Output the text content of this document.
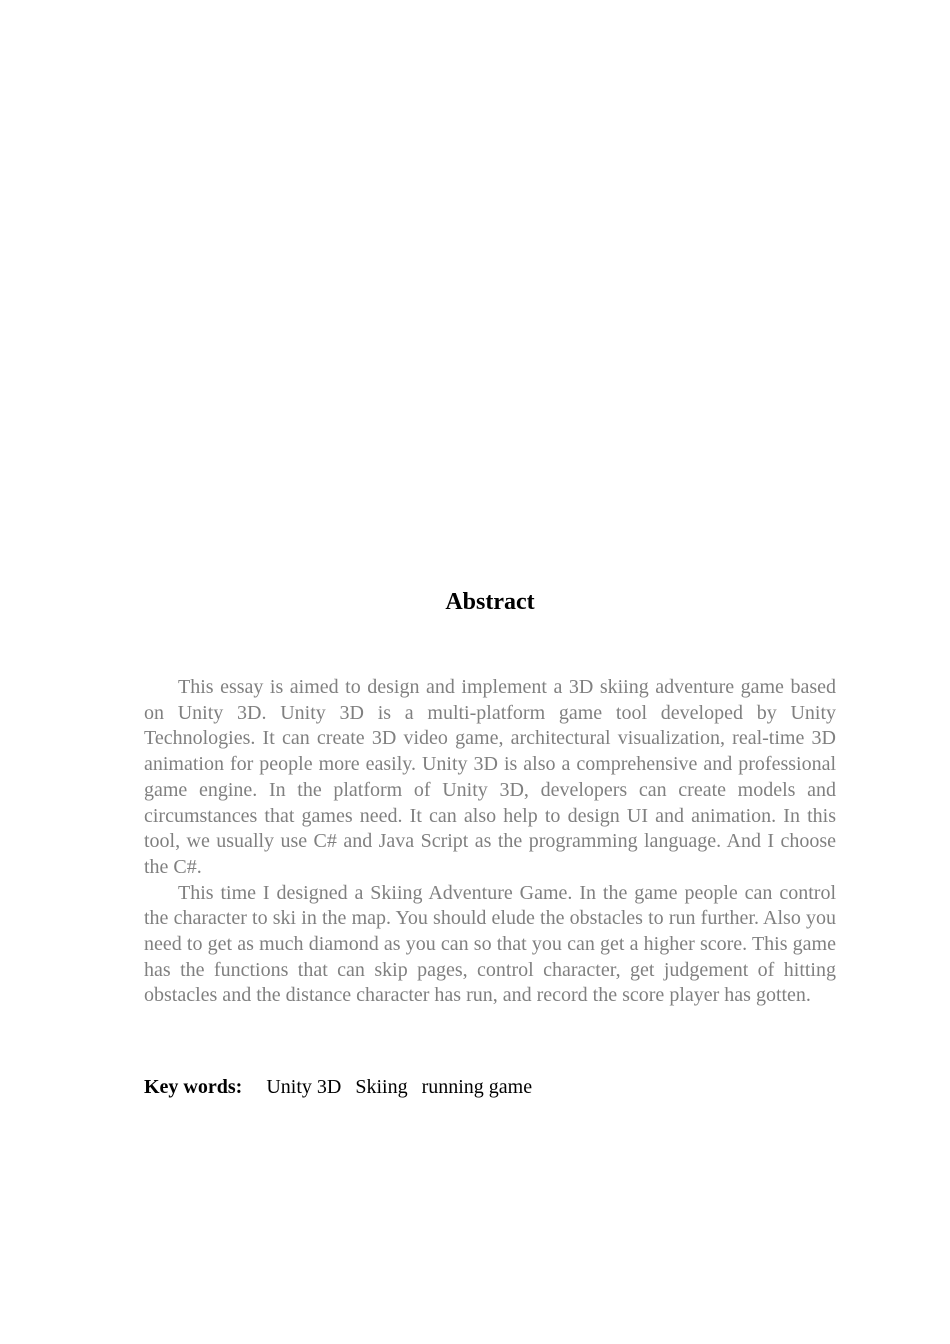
Abstract

This essay is aimed to design and implement a 3D skiing adventure game based on Unity 3D. Unity 3D is a multi-platform game tool developed by Unity Technologies. It can create 3D video game, architectural visualization, real-time 3D animation for people more easily. Unity 3D is also a comprehensive and professional game engine. In the platform of Unity 3D, developers can create models and circumstances that games need. It can also help to design UI and animation. In this tool, we usually use C# and Java Script as the programming language. And I choose the C#.

This time I designed a Skiing Adventure Game. In the game people can control the character to ski in the map. You should elude the obstacles to run further. Also you need to get as much diamond as you can so that you can get a higher score. This game has the functions that can skip pages, control character, get judgement of hitting obstacles and the distance character has run, and record the score player has gotten.

Key words: Unity 3D Skiing running game
